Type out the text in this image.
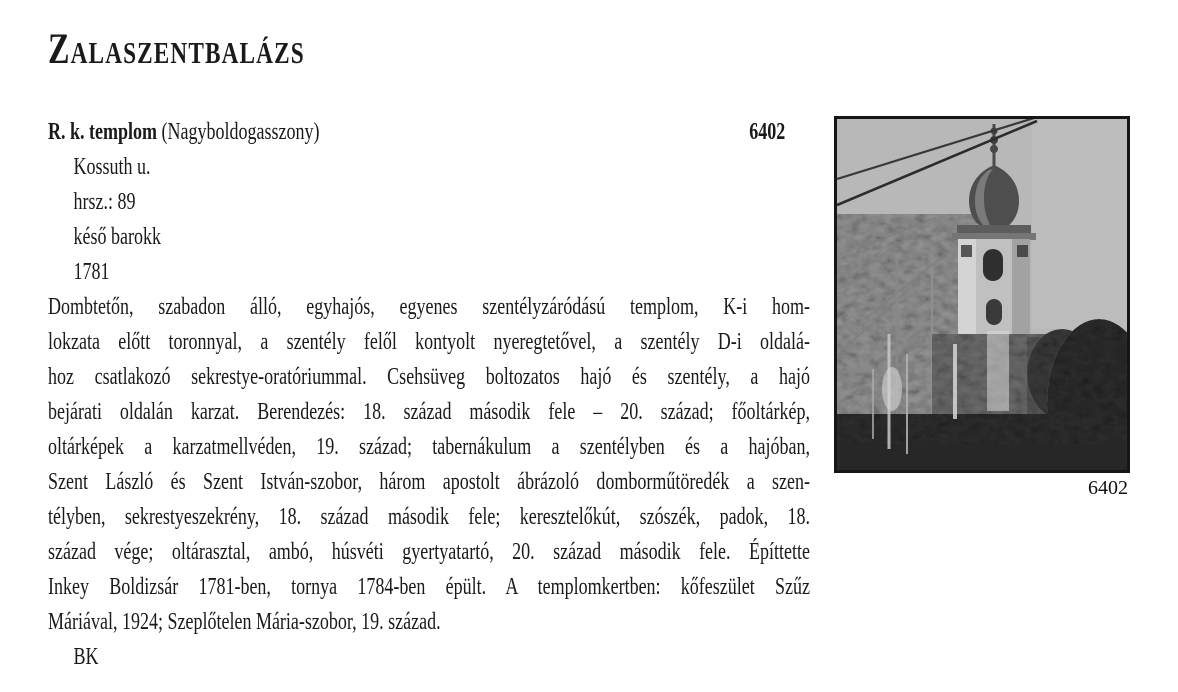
ZALASZENTBALÁZS
R. k. templom (Nagyboldogasszony)	6402
Kossuth u.
hrsz.: 89
késő barokk
1781
Dombtetőn, szabadon álló, egyhajós, egyenes szentélyzáródású templom, K-i hom-
lokzata előtt toronnyal, a szentély felől kontyolt nyeregtetővel, a szentély D-i oldalá-
hoz csatlakozó sekrestye-oratóriummal. Csehsüveg boltozatos hajó és szentély, a hajó
bejárati oldalán karzat. Berendezés: 18. század második fele – 20. század; főoltárkép,
oltárképek a karzatmellvéden, 19. század; tabernákulum a szentélyben és a hajóban,
Szent László és Szent István-szobor, három apostolt ábrázoló domborműtöredék a szen-
télyben, sekrestyeszekrény, 18. század második fele; keresztelőkút, szószék, padok, 18.
század vége; oltárasztal, ambó, húsvéti gyertyatartó, 20. század második fele. Építtette
Inkey Boldizsár 1781-ben, tornya 1784-ben épült. A templomkertben: kőfeszület Szűz
Máriával, 1924; Szeplőtelen Mária-szobor, 19. század.
BK
6402
